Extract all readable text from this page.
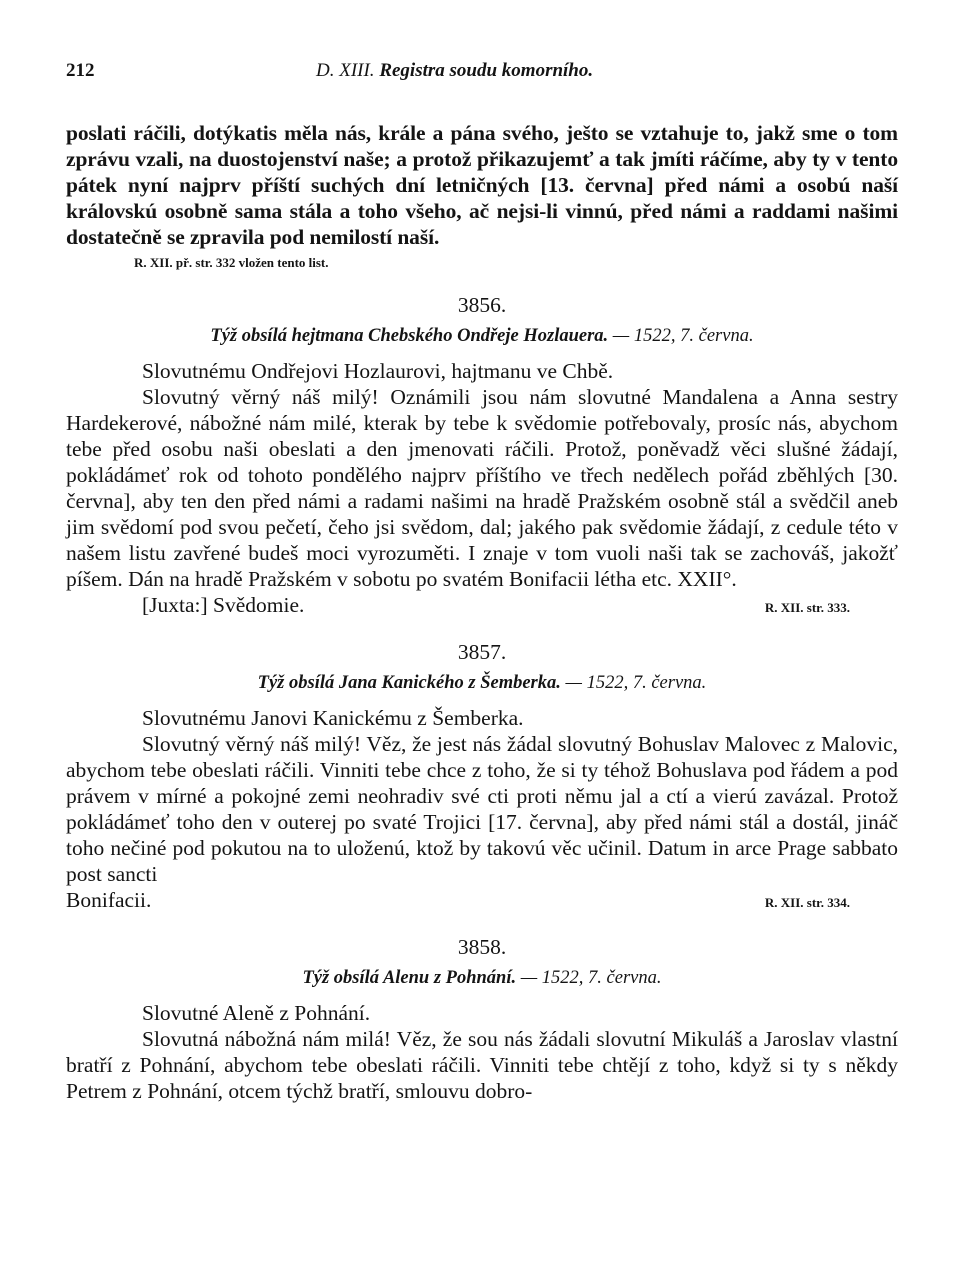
212	D. XIII. Registra soudu komorního.

poslati ráčili, dotýkatis měla nás, krále a pána svého, ješto se vztahuje to, jakž sme o tom zprávu vzali, na duostojenství naše; a protož přikazujemť a tak jmíti ráčíme, aby ty v tento pátek nyní najprv příští suchých dní letničných [13. června] před námi a osobú naší královskú osobně sama stála a toho všeho, ač nejsi-li vinnú, před námi a raddami našimi dostatečně se zpravila pod nemilostí naší.

R. XII. př. str. 332 vložen tento list.
3856.
Týž obsílá hejtmana Chebského Ondřeje Hozlauera. — 1522, 7. června.

Slovutnému Ondřejovi Hozlaurovi, hajtmanu ve Chbě.

Slovutný věrný náš milý! Oznámili jsou nám slovutné Mandalena a Anna sestry Hardekerové, nábožné nám milé, kterak by tebe k svědomie potřebovaly, prosíc nás, abychom tebe před osobu naši obeslati a den jmenovati ráčili. Protož, poněvadž věci slušné žádají, pokládámeť rok od tohoto ponděléhо najprv příštího ve třech nedělech pořád zběhlých [30. června], aby ten den před námi a radami našimi na hradě Pražském osobně stál a svědčil aneb jim svědomí pod svou pečetí, čeho jsi svědom, dal; jakého pak svědomie žádají, z cedule této v našem listu zavřené budeš moci vyrozuměti. I znaje v tom vuoli naši tak se zachováš, jakožť píšem. Dán na hradě Pražském v sobotu po svatém Bonifacii létha etc. XXII°.

[Juxta:] Svědomie.	R. XII. str. 333.
3857.
Týž obsílá Jana Kanického z Šemberka. — 1522, 7. června.

Slovutnému Janovi Kanickému z Šemberka.

Slovutný věrný náš milý! Věz, že jest nás žádal slovutný Bohuslav Malovec z Malovic, abychom tebe obeslati ráčili. Vinniti tebe chce z toho, že si ty téhož Bohuslava pod řádem a pod právem v mírné a pokojné zemi neohradiv své cti proti němu jal a ctí a vierú zavázal. Protož pokládámeť toho den v outerej po svaté Trojici [17. června], aby před námi stál a dostál, jináč toho nečiné pod pokutou na to uloženú, ktož by takovú věc učinil. Datum in arce Prage sabbato post sancti

Bonifacii.	R. XII. str. 334.
3858.
Týž obsílá Alenu z Pohnání. — 1522, 7. června.

Slovutné Aleně z Pohnání.

Slovutná nábožná nám milá! Věz, že sou nás žádali slovutní Mikuláš a Jaroslav vlastní bratří z Pohnání, abychom tebe obeslati ráčili. Vinniti tebe chtějí z toho, když si ty s někdy Petrem z Pohnání, otcem týchž bratří, smlouvu dobro-
